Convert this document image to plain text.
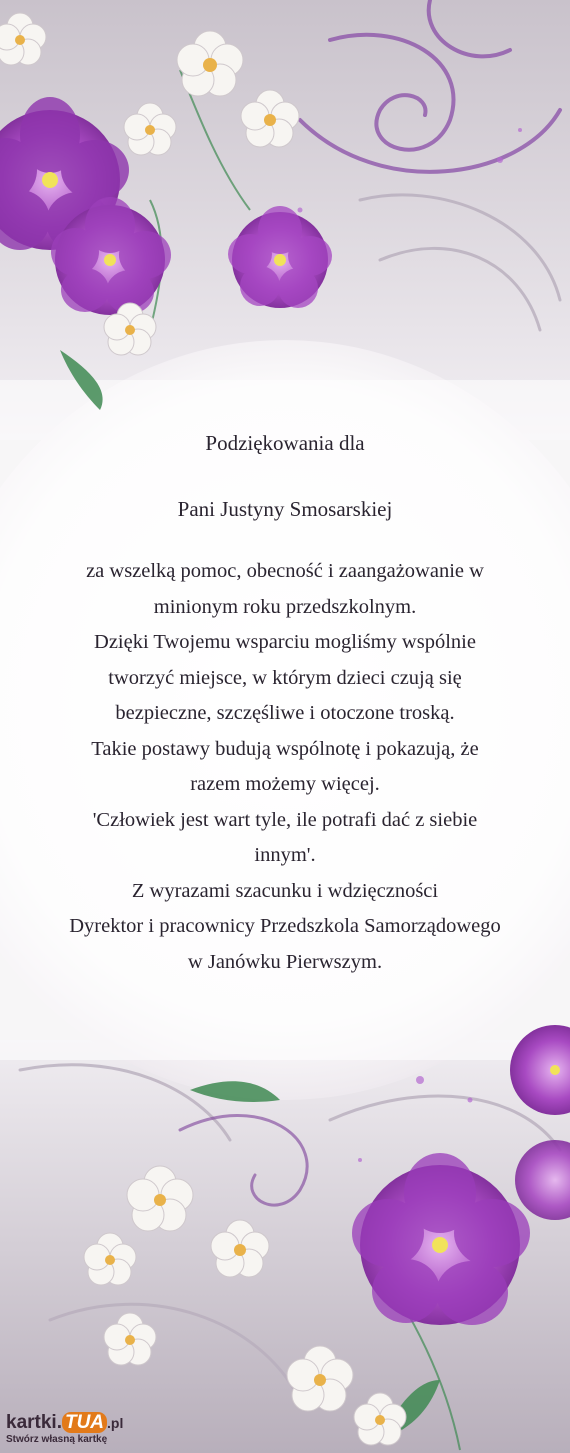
Podziękowania dla

Pani Justyny Smosarskiej

za wszelką pomoc, obecność i zaangażowanie w

minionym roku przedszkolnym.

Dzięki Twojemu wsparciu mogliśmy wspólnie

tworzyć miejsce, w którym dzieci czują się

bezpieczne, szczęśliwe i otoczone troską.

Takie postawy budują wspólnotę i pokazują, że

razem możemy więcej.

'Człowiek jest wart tyle, ile potrafi dać z siebie

innym'.

Z wyrazami szacunku i wdzięczności

Dyrektor i pracownicy Przedszkola Samorządowego

w Janówku Pierwszym.

kartki. TUA .pl
Stwórz własną kartkę
